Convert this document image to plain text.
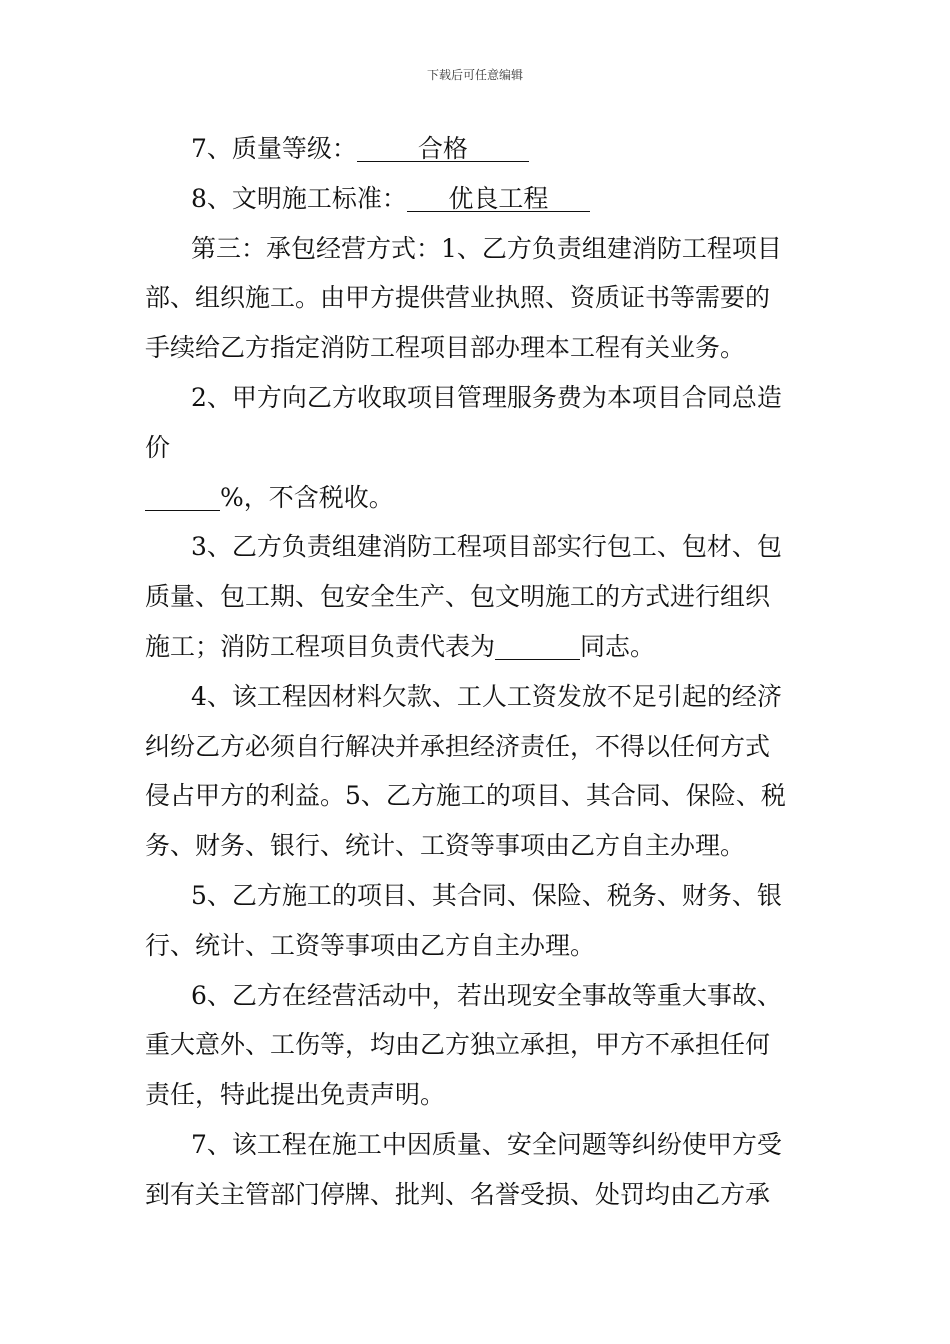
下载后可任意编辑
7、质量等级： 合格
8、文明施工标准： 优良工程
第三：承包经营方式：1、乙方负责组建消防工程项目
部、组织施工。由甲方提供营业执照、资质证书等需要的
手续给乙方指定消防工程项目部办理本工程有关业务。
2、甲方向乙方收取项目管理服务费为本项目合同总造
价
%，不含税收。
3、乙方负责组建消防工程项目部实行包工、包材、包
质量、包工期、包安全生产、包文明施工的方式进行组织
施工；消防工程项目负责代表为	同志。
4、该工程因材料欠款、工人工资发放不足引起的经济
纠纷乙方必须自行解决并承担经济责任，不得以任何方式
侵占甲方的利益。5、乙方施工的项目、其合同、保险、税
务、财务、银行、统计、工资等事项由乙方自主办理。
5、乙方施工的项目、其合同、保险、税务、财务、银
行、统计、工资等事项由乙方自主办理。
6、乙方在经营活动中，若出现安全事故等重大事故、
重大意外、工伤等，均由乙方独立承担，甲方不承担任何
责任，特此提出免责声明。
7、该工程在施工中因质量、安全问题等纠纷使甲方受
到有关主管部门停牌、批判、名誉受损、处罚均由乙方承
